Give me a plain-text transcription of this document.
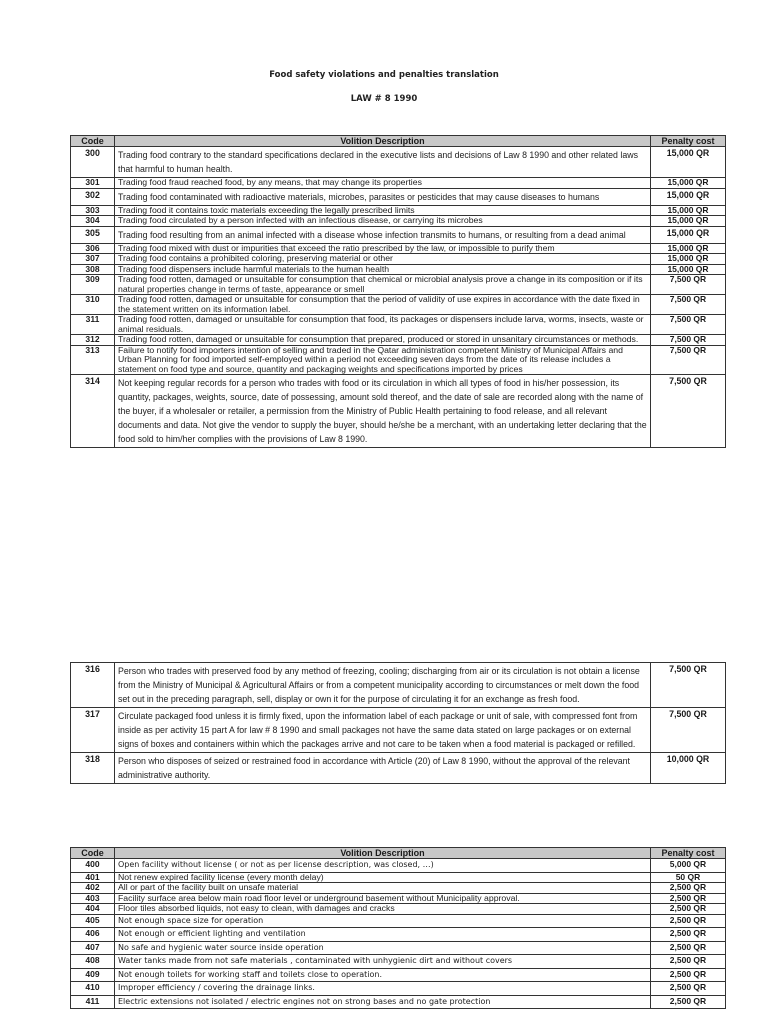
Food safety violations and penalties translation
LAW # 8 1990
Code	Volition Description	Penalty cost
300	Trading food contrary to the standard specifications declared in the executive lists and decisions of Law 8 1990 and other related laws that harmful to human health.	15,000 QR
301	Trading food fraud reached food, by any means, that may change its properties	15,000 QR
302	Trading food contaminated with radioactive materials, microbes, parasites or pesticides that may cause diseases to humans	15,000 QR
303	Trading food it contains toxic materials exceeding the legally prescribed limits	15,000 QR
304	Trading food circulated by a person infected with an infectious disease, or carrying its microbes	15,000 QR
305	Trading food resulting from an animal infected with a disease whose infection transmits to humans, or resulting from a dead animal	15,000 QR
306	Trading food mixed with dust or impurities that exceed the ratio prescribed by the law, or impossible to purify them	15,000 QR
307	Trading food contains a prohibited coloring, preserving material or other	15,000 QR
308	Trading food dispensers include harmful materials to the human health	15,000 QR
309	Trading food rotten, damaged or unsuitable for consumption that chemical or microbial analysis prove a change in its composition or if its natural properties change in terms of taste, appearance or smell	7,500 QR
310	Trading food rotten, damaged or unsuitable for consumption that the period of validity of use expires in accordance with the date fixed in the statement written on its information label.	7,500 QR
311	Trading food rotten, damaged or unsuitable for consumption that food, its packages or dispensers include larva, worms, insects, waste or animal residuals.	7,500 QR
312	Trading food rotten, damaged or unsuitable for consumption that prepared, produced or stored in unsanitary circumstances or methods.	7,500 QR
313	Failure to notify food importers intention of selling and traded in the Qatar administration competent Ministry of Municipal Affairs and Urban Planning for food imported self-employed within a period not exceeding seven days from the date of its release includes a statement on food type and source, quantity and packaging weights and specifications imported by prices	7,500 QR
314	Not keeping regular records for a person who trades with food or its circulation in which all types of food in his/her possession, its quantity, packages, weights, source, date of possessing, amount sold thereof, and the date of sale are recorded along with the name of the buyer, if a wholesaler or retailer, a permission from the Ministry of Public Health pertaining to food release, and all relevant documents and data. Not give the vendor to supply the buyer, should he/she be a merchant, with an undertaking letter declaring that the food sold to him/her complies with the provisions of Law 8 1990.	7,500 QR
316	Person who trades with preserved food by any method of freezing, cooling; discharging from air or its circulation is not obtain a license from the Ministry of Municipal & Agricultural Affairs or from a competent municipality according to circumstances or melt down the food set out in the preceding paragraph, sell, display or own it for the purpose of circulating it for an exchange as fresh food.	7,500 QR
317	Circulate packaged food unless it is firmly fixed, upon the information label of each package or unit of sale, with compressed font from inside as per activity 15 part A for law # 8 1990 and small packages not have the same data stated on large packages or on external signs of boxes and containers within which the packages arrive and not care to be taken when a food material is packaged or refilled.	7,500 QR
318	Person who disposes of seized or restrained food in accordance with Article (20) of Law 8 1990, without the approval of the relevant administrative authority.	10,000 QR
Code	Volition Description	Penalty cost
400	Open facility without license ( or not as per license description, was closed, …)	5,000 QR
401	Not renew expired facility license (every month delay)	50 QR
402	All or part of the facility built on unsafe material	2,500 QR
403	Facility surface area below main road floor level or underground basement without Municipality approval.	2,500 QR
404	Floor tiles absorbed liquids, not easy to clean, with damages and cracks	2,500 QR
405	Not enough space size for operation	2,500 QR
406	Not enough or efficient lighting and ventilation	2,500 QR
407	No safe and hygienic water source inside operation	2,500 QR
408	Water tanks made from not safe materials , contaminated with unhygienic dirt and without covers	2,500 QR
409	Not enough toilets for working staff and toilets close to operation.	2,500 QR
410	Improper efficiency / covering the drainage links.	2,500 QR
411	Electric extensions not isolated / electric engines not on strong bases and no gate protection	2,500 QR
